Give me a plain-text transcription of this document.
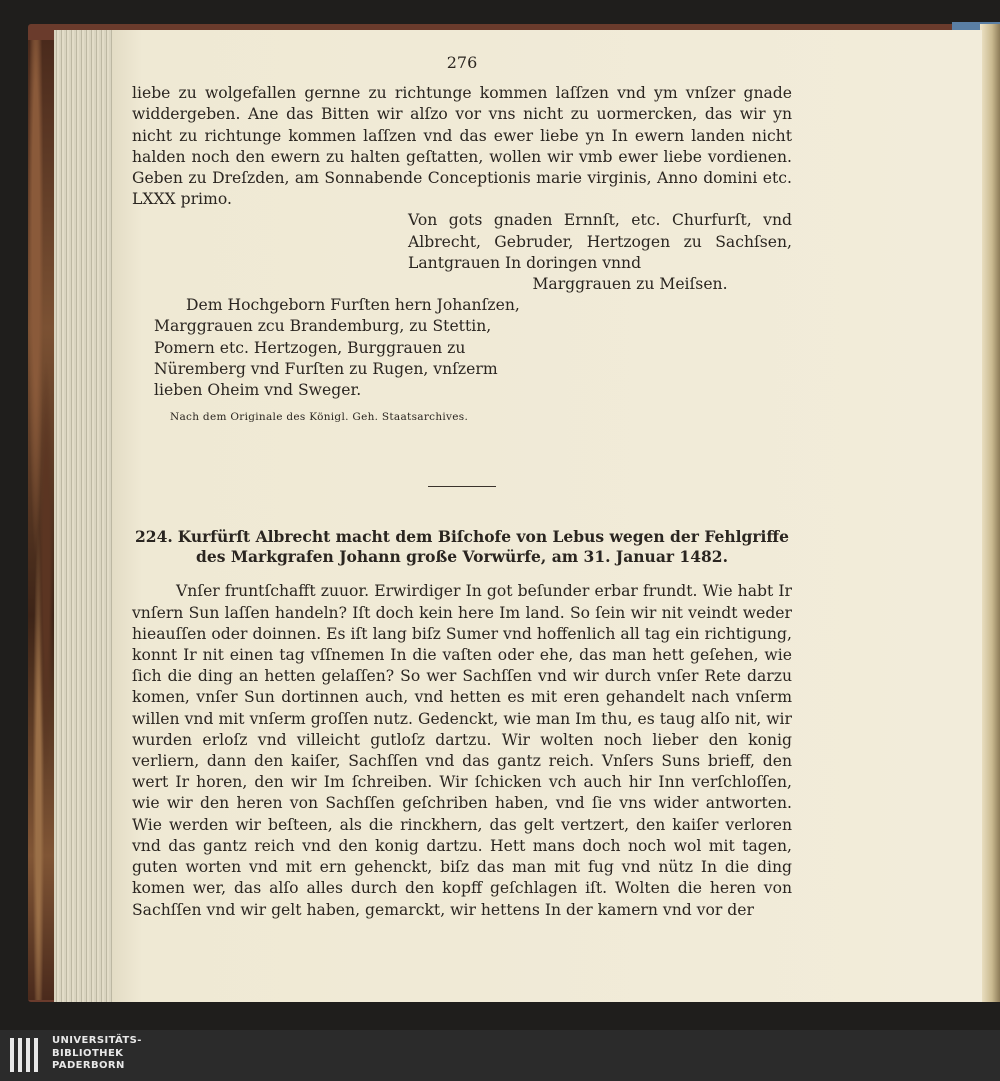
276

liebe zu wolgefallen gernne zu richtunge kommen laſſzen vnd ym vnſzer gnade widdergeben. Ane das Bitten wir alſzo vor vns nicht zu uormercken, das wir yn nicht zu richtunge kommen laſſzen vnd das ewer liebe yn In ewern landen nicht halden noch den ewern zu halten geſtatten, wollen wir vmb ewer liebe vordienen. Geben zu Dreſzden, am Sonnabende Conceptionis marie virginis, Anno domini etc. LXXX primo.

Von gots gnaden Ernnſt, etc. Churfurſt, vnd Albrecht, Gebruder, Hertzogen zu Sachſsen, Lantgrauen In doringen vnnd
Marggrauen zu Meiſsen.
Dem Hochgeborn Furſten hern Johanſzen, Marggrauen zcu Brandemburg, zu Stettin, Pomern etc. Hertzogen, Burggrauen zu Nüremberg vnd Furſten zu Rugen, vnſzerm lieben Oheim vnd Sweger.
Nach dem Originale des Königl. Geh. Staatsarchives.
224. Kurfürſt Albrecht macht dem Biſchofe von Lebus wegen der Fehlgriffe des Markgrafen Johann große Vorwürfe, am 31. Januar 1482.

Vnſer fruntſchafft zuuor. Erwirdiger In got beſunder erbar frundt. Wie habt Ir vnſern Sun laſſen handeln? Iſt doch kein here Im land. So ſein wir nit veindt weder hieauſſen oder doinnen. Es iſt lang biſz Sumer vnd hoffenlich all tag ein richtigung, konnt Ir nit einen tag vſſnemen In die vaſten oder ehe, das man hett geſehen, wie ſich die ding an hetten gelaſſen? So wer Sachſſen vnd wir durch vnſer Rete darzu komen, vnſer Sun dortinnen auch, vnd hetten es mit eren gehandelt nach vnſerm willen vnd mit vnſerm groſſen nutz. Gedenckt, wie man Im thu, es taug alſo nit, wir wurden erloſz vnd villeicht gutloſz dartzu. Wir wolten noch lieber den konig verliern, dann den kaiſer, Sachſſen vnd das gantz reich. Vnſers Suns brieff, den wert Ir horen, den wir Im ſchreiben. Wir ſchicken vch auch hir Inn verſchloſſen, wie wir den heren von Sachſſen geſchriben haben, vnd ſie vns wider antworten. Wie werden wir beſteen, als die rinckhern, das gelt vertzert, den kaiſer verloren vnd das gantz reich vnd den konig dartzu. Hett mans doch noch wol mit tagen, guten worten vnd mit ern gehenckt, biſz das man mit fug vnd nütz In die ding komen wer, das alſo alles durch den kopff geſchlagen iſt. Wolten die heren von Sachſſen vnd wir gelt haben, gemarckt, wir hettens In der kamern vnd vor der

UNIVERSITÄTS-
BIBLIOTHEK
PADERBORN
